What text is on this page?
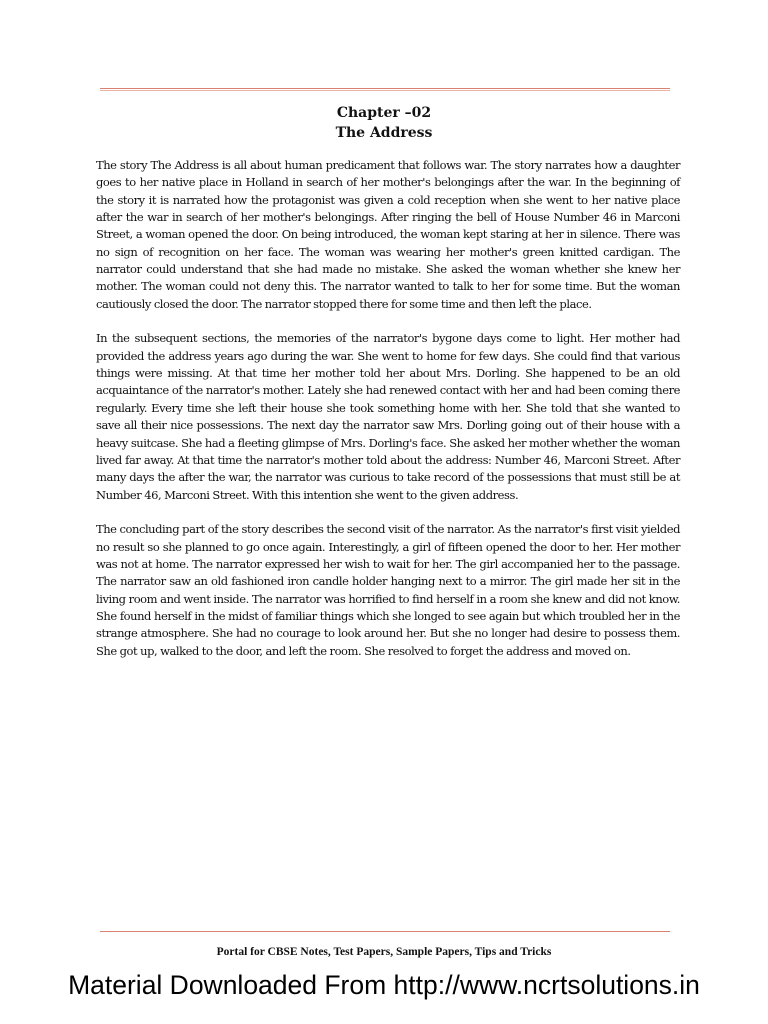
Chapter –02
The Address

The story The Address is all about human predicament that follows war. The story narrates how a daughter goes to her native place in Holland in search of her mother's belongings after the war. In the beginning of the story it is narrated how the protagonist was given a cold reception when she went to her native place after the war in search of her mother's belongings. After ringing the bell of House Number 46 in Marconi Street, a woman opened the door. On being introduced, the woman kept staring at her in silence. There was no sign of recognition on her face. The woman was wearing her mother's green knitted cardigan. The narrator could understand that she had made no mistake. She asked the woman whether she knew her mother. The woman could not deny this. The narrator wanted to talk to her for some time. But the woman cautiously closed the door. The narrator stopped there for some time and then left the place.

In the subsequent sections, the memories of the narrator's bygone days come to light. Her mother had provided the address years ago during the war. She went to home for few days. She could find that various things were missing. At that time her mother told her about Mrs. Dorling. She happened to be an old acquaintance of the narrator's mother. Lately she had renewed contact with her and had been coming there regularly. Every time she left their house she took something home with her. She told that she wanted to save all their nice possessions. The next day the narrator saw Mrs. Dorling going out of their house with a heavy suitcase. She had a fleeting glimpse of Mrs. Dorling's face. She asked her mother whether the woman lived far away. At that time the narrator's mother told about the address: Number 46, Marconi Street. After many days the after the war, the narrator was curious to take record of the possessions that must still be at Number 46, Marconi Street. With this intention she went to the given address.

The concluding part of the story describes the second visit of the narrator. As the narrator's first visit yielded no result so she planned to go once again. Interestingly, a girl of fifteen opened the door to her. Her mother was not at home. The narrator expressed her wish to wait for her. The girl accompanied her to the passage. The narrator saw an old fashioned iron candle holder hanging next to a mirror. The girl made her sit in the living room and went inside. The narrator was horrified to find herself in a room she knew and did not know. She found herself in the midst of familiar things which she longed to see again but which troubled her in the strange atmosphere. She had no courage to look around her. But she no longer had desire to possess them. She got up, walked to the door, and left the room. She resolved to forget the address and moved on.

Portal for CBSE Notes, Test Papers, Sample Papers, Tips and Tricks
Material Downloaded From http://www.ncrtsolutions.in
